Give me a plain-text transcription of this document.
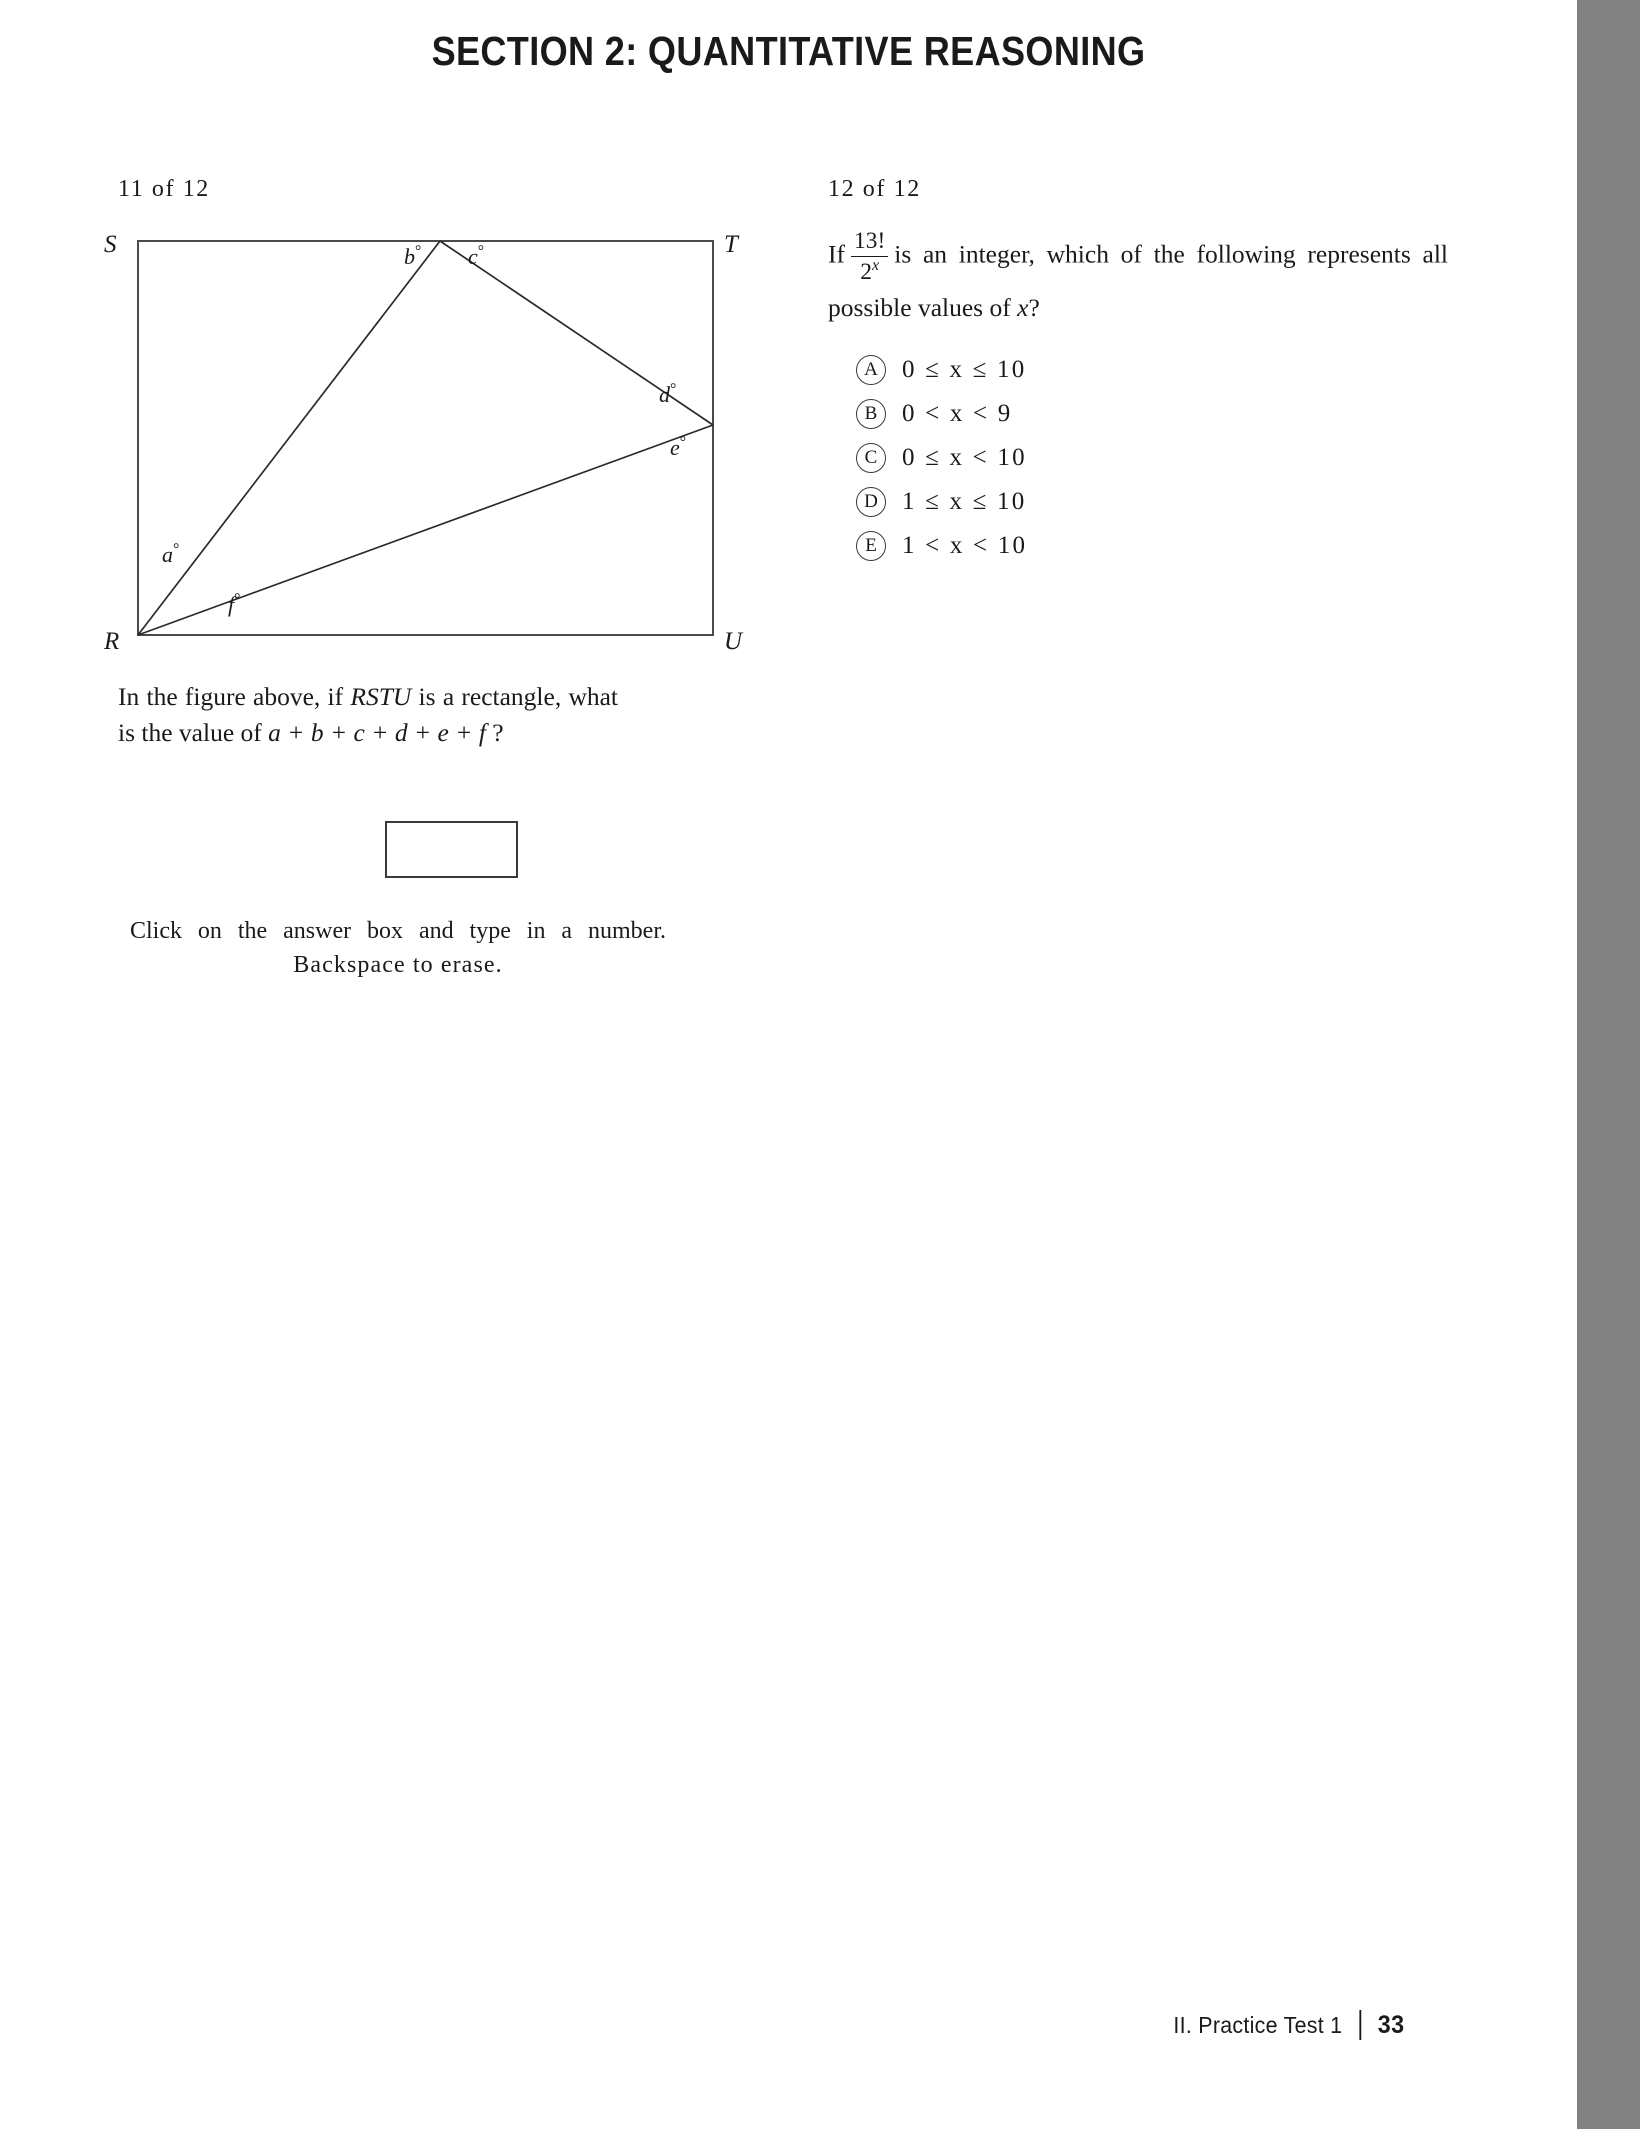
SECTION 2: QUANTITATIVE REASONING
11 of 12
S	T
R	U
a°
f°
b° c°
d°
e°
In the figure above, if RSTU is a rectangle, what is the value of a + b + c + d + e + f ?
Click on the answer box and type in a number.
Backspace to erase.
12 of 12
If $\frac{13!}{2^x}$ is an integer, which of the following represents all possible values of x?
A 0 ≤ x ≤ 10
B 0 < x < 9
C 0 ≤ x < 10
D 1 ≤ x ≤ 10
E	1 < x < 10
II. Practice Test 1 33
